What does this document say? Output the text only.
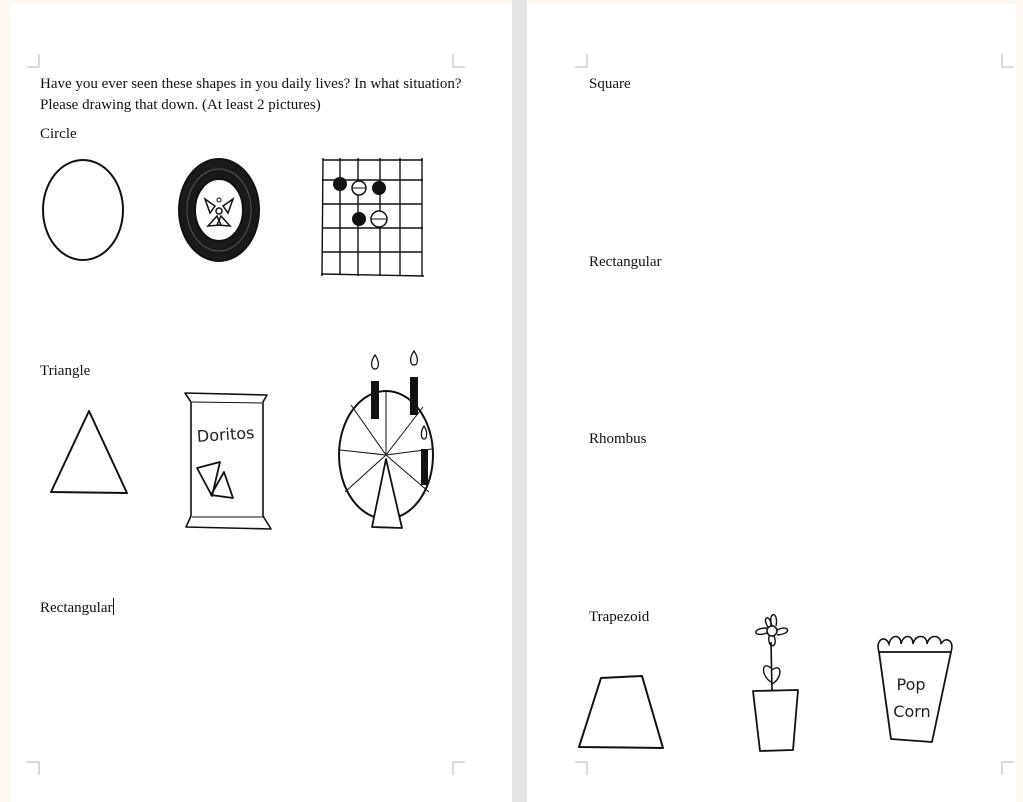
Have you ever seen these shapes in you daily lives? In what situation?
Please drawing that down. (At least 2 pictures)
Circle
Triangle
Rectangular
Doritos
Square
Rectangular
Rhombus
Trapezoid
Pop
Corn
